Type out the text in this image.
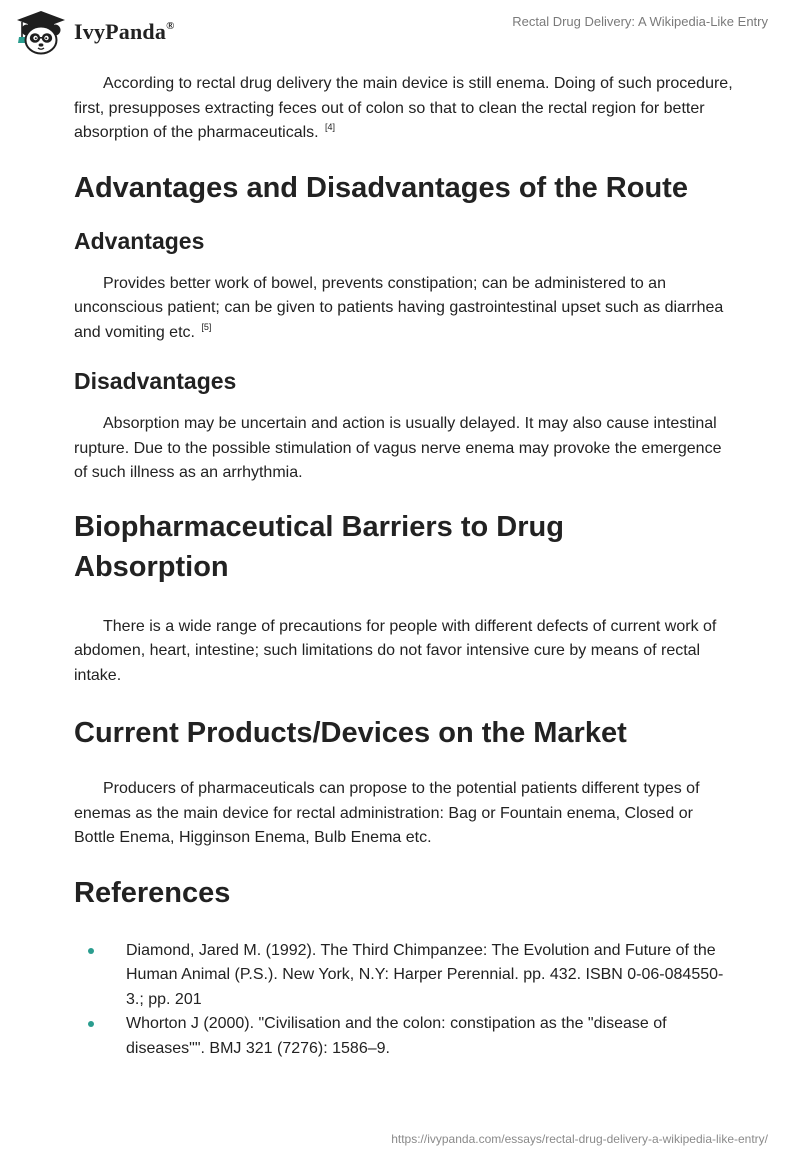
IvyPanda®	Rectal Drug Delivery: A Wikipedia-Like Entry

According to rectal drug delivery the main device is still enema. Doing of such procedure, first, presupposes extracting feces out of colon so that to clean the rectal region for better absorption of the pharmaceuticals. [4]

Advantages and Disadvantages of the Route
Advantages

Provides better work of bowel, prevents constipation; can be administered to an unconscious patient; can be given to patients having gastrointestinal upset such as diarrhea and vomiting etc. [5]

Disadvantages

Absorption may be uncertain and action is usually delayed. It may also cause intestinal rupture. Due to the possible stimulation of vagus nerve enema may provoke the emergence of such illness as an arrhythmia.

Biopharmaceutical Barriers to Drug Absorption

There is a wide range of precautions for people with different defects of current work of abdomen, heart, intestine; such limitations do not favor intensive cure by means of rectal intake.

Current Products/Devices on the Market

Producers of pharmaceuticals can propose to the potential patients different types of enemas as the main device for rectal administration: Bag or Fountain enema, Closed or Bottle Enema, Higginson Enema, Bulb Enema etc.

References
Diamond, Jared M. (1992). The Third Chimpanzee: The Evolution and Future of the Human Animal (P.S.). New York, N.Y: Harper Perennial. pp. 432. ISBN 0-06-084550-3.; pp. 201
Whorton J (2000). "Civilisation and the colon: constipation as the "disease of diseases"". BMJ 321 (7276): 1586–9.
https://ivypanda.com/essays/rectal-drug-delivery-a-wikipedia-like-entry/
